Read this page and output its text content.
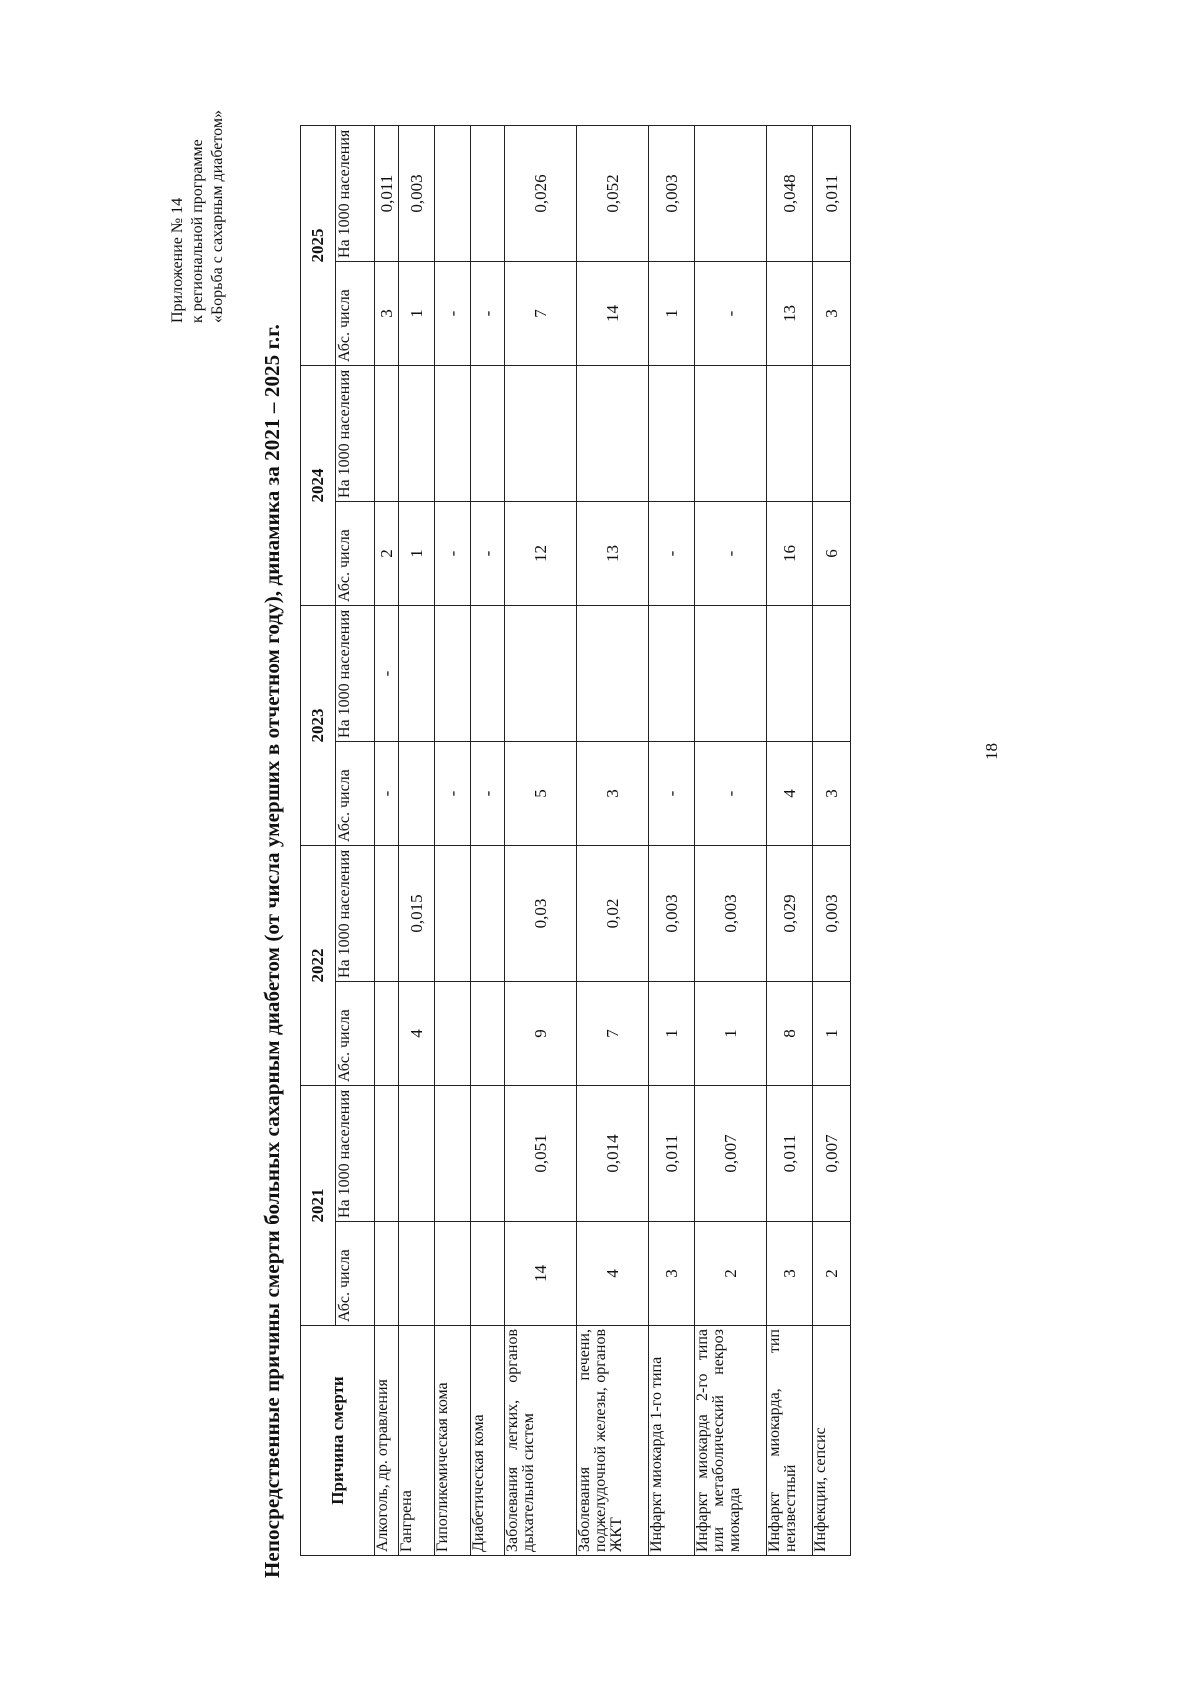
Приложение № 14 к региональной программе «Борьба с сахарным диабетом»
Непосредственные причины смерти больных сахарным диабетом (от числа умерших в отчетном году), динамика за 2021 – 2025 г.г.	Причина смерти	2021		2022		2023		2024		2025	
	Абс. числа	На 1000 населения	Абс. числа	На 1000 населения	Абс. числа	На 1000 населения	Абс. числа	На 1000 населения	Абс. числа	На 1000 населения
Алкоголь, др. отравления					-	-	2		3	0,011
Гангрена			4	0,015			1		1	0,003
Гипогликемическая кома					-		-		-	
Диабетическая кома					-		-		-	
Заболевания легких, органов дыхательной систем	14	0,051	9	0,03	5		12		7	0,026
Заболевания печени, поджелудочной железы, органов ЖКТ	4	0,014	7	0,02	3		13		14	0,052
Инфаркт миокарда 1-го типа	3	0,011	1	0,003	-		-		1	0,003
Инфаркт миокарда 2-го типа или метаболический некроз миокарда	2	0,007	1	0,003	-		-		-	
Инфаркт миокарда, тип неизвестный	3	0,011	8	0,029	4		16		13	0,048
Инфекции, сепсис	2	0,007	1	0,003	3		6		3	0,011
18
